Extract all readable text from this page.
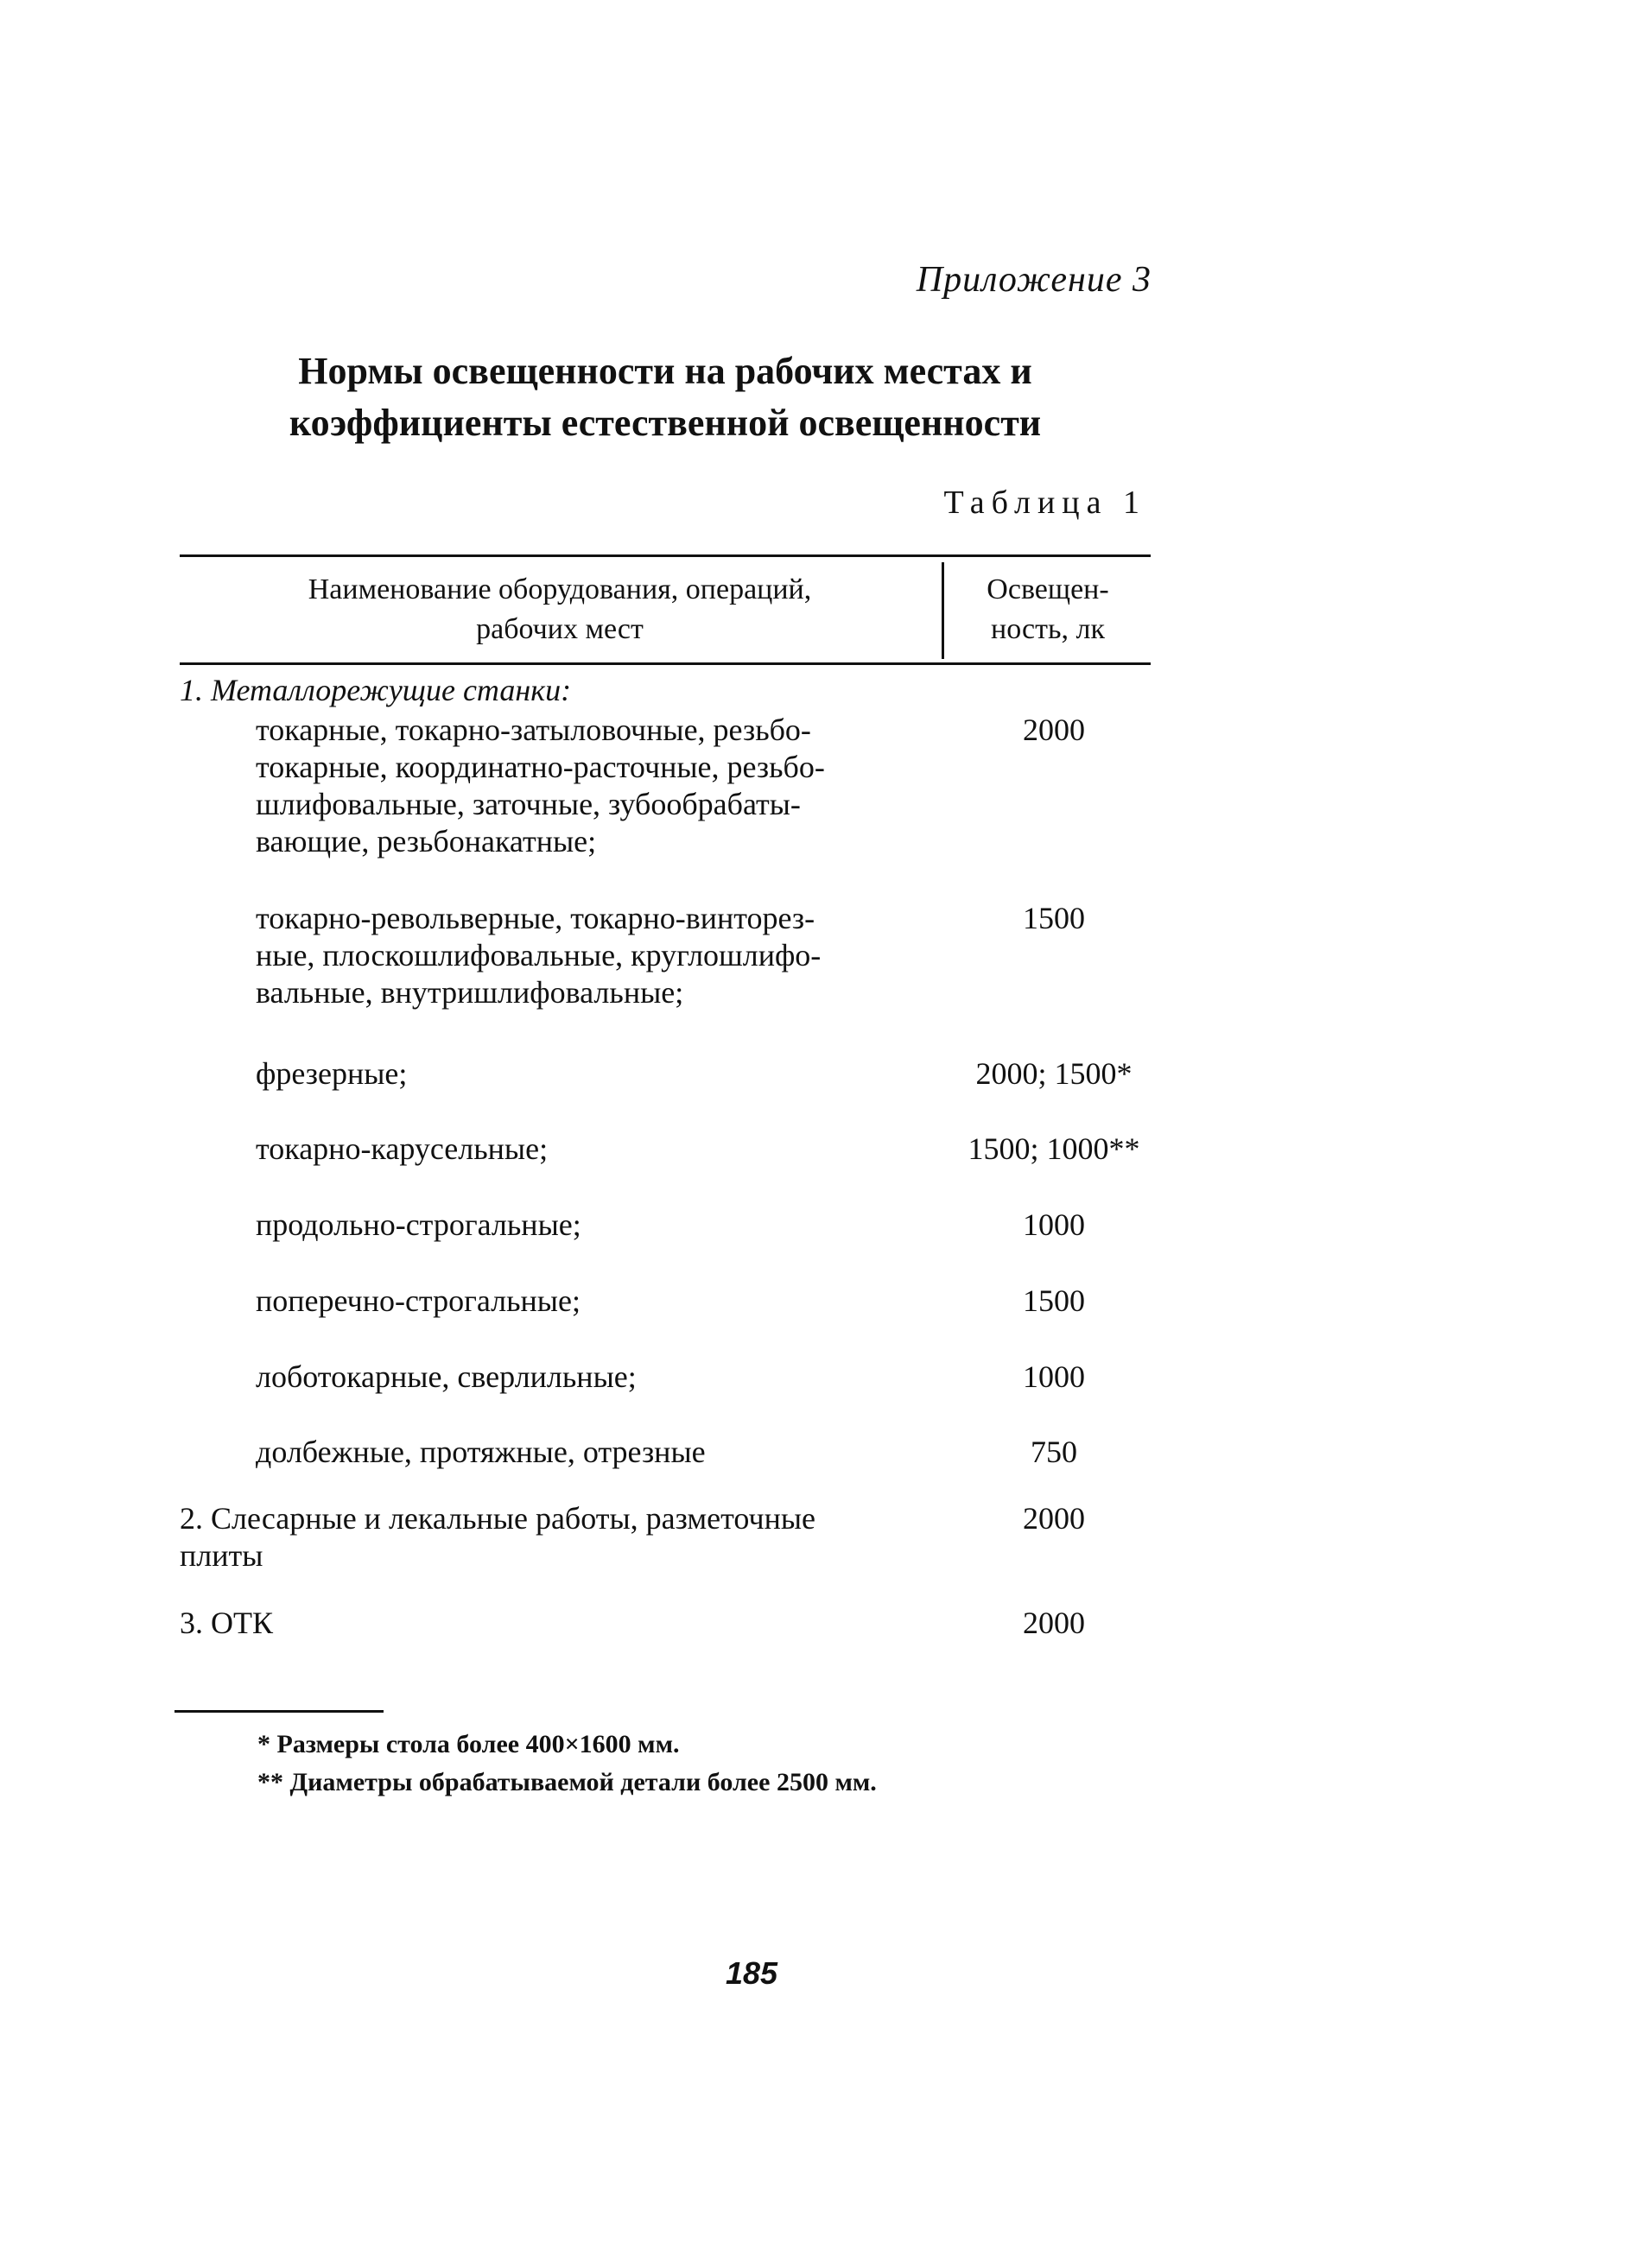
Приложение 3
Нормы освещенности на рабочих местах и
коэффициенты естественной освещенности
Таблица 1
Наименование оборудования, операций,
рабочих мест
Освещен-
ность, лк
1. Металлорежущие станки:
токарные, токарно-затыловочные, резьбо-
токарные, координатно-расточные, резьбо-
шлифовальные, заточные, зубообрабаты-
вающие, резьбонакатные;
2000
токарно-револьверные, токарно-винторез-
ные, плоскошлифовальные, круглошлифо-
вальные, внутришлифовальные;
1500
фрезерные;	2000; 1500*
токарно-карусельные;	1500; 1000**
продольно-строгальные;	1000
поперечно-строгальные;	1500
лоботокарные, сверлильные;	1000
долбежные, протяжные, отрезные	750
2. Слесарные и лекальные работы, разметочные
плиты
2000
3. ОТК	2000
* Размеры стола более 400×1600 мм.
** Диаметры обрабатываемой детали более 2500 мм.
185
